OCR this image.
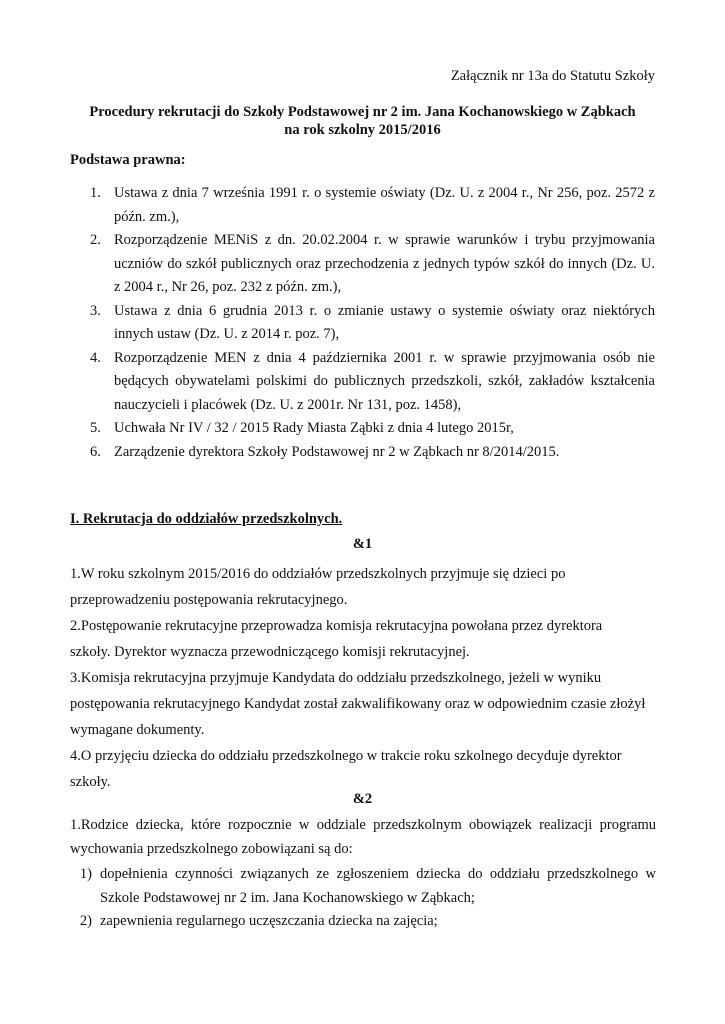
Załącznik nr 13a do Statutu Szkoły
Procedury rekrutacji do Szkoły Podstawowej nr 2 im. Jana Kochanowskiego w Ząbkach
na rok szkolny 2015/2016
Podstawa prawna:
1. Ustawa z dnia 7 września 1991 r. o systemie oświaty (Dz. U. z 2004 r., Nr 256, poz. 2572 z późn. zm.),
2. Rozporządzenie MENiS z dn. 20.02.2004 r. w sprawie warunków i trybu przyjmowania uczniów do szkół publicznych oraz przechodzenia z jednych typów szkół do innych (Dz. U. z 2004 r., Nr 26, poz. 232 z późn. zm.),
3. Ustawa z dnia 6 grudnia 2013 r. o zmianie ustawy o systemie oświaty oraz niektórych innych ustaw (Dz. U. z 2014 r. poz. 7),
4. Rozporządzenie MEN z dnia 4 października 2001 r. w sprawie przyjmowania osób nie będących obywatelami polskimi do publicznych przedszkoli, szkół, zakładów kształcenia nauczycieli i placówek (Dz. U. z 2001r. Nr 131, poz. 1458),
5. Uchwała Nr IV / 32 / 2015 Rady Miasta Ząbki z dnia 4 lutego 2015r,
6. Zarządzenie dyrektora Szkoły Podstawowej nr 2 w Ząbkach nr 8/2014/2015.
I. Rekrutacja do oddziałów przedszkolnych.
&1

1.W roku szkolnym 2015/2016 do oddziałów przedszkolnych przyjmuje się dzieci po

przeprowadzeniu postępowania rekrutacyjnego.

2.Postępowanie rekrutacyjne przeprowadza komisja rekrutacyjna powołana przez dyrektora

szkoły. Dyrektor wyznacza przewodniczącego komisji rekrutacyjnej.

3.Komisja rekrutacyjna przyjmuje Kandydata do oddziału przedszkolnego, jeżeli w wyniku

postępowania rekrutacyjnego Kandydat został zakwalifikowany oraz w odpowiednim czasie złożył

wymagane dokumenty.

4.O przyjęciu dziecka do oddziału przedszkolnego w trakcie roku szkolnego decyduje dyrektor

szkoły.

&2

1.Rodzice dziecka, które rozpocznie w oddziale przedszkolnym obowiązek realizacji programu wychowania przedszkolnego zobowiązani są do:

1) dopełnienia czynności związanych ze zgłoszeniem dziecka do oddziału przedszkolnego w Szkole Podstawowej nr 2 im. Jana Kochanowskiego w Ząbkach;
2) zapewnienia regularnego uczęszczania dziecka na zajęcia;
